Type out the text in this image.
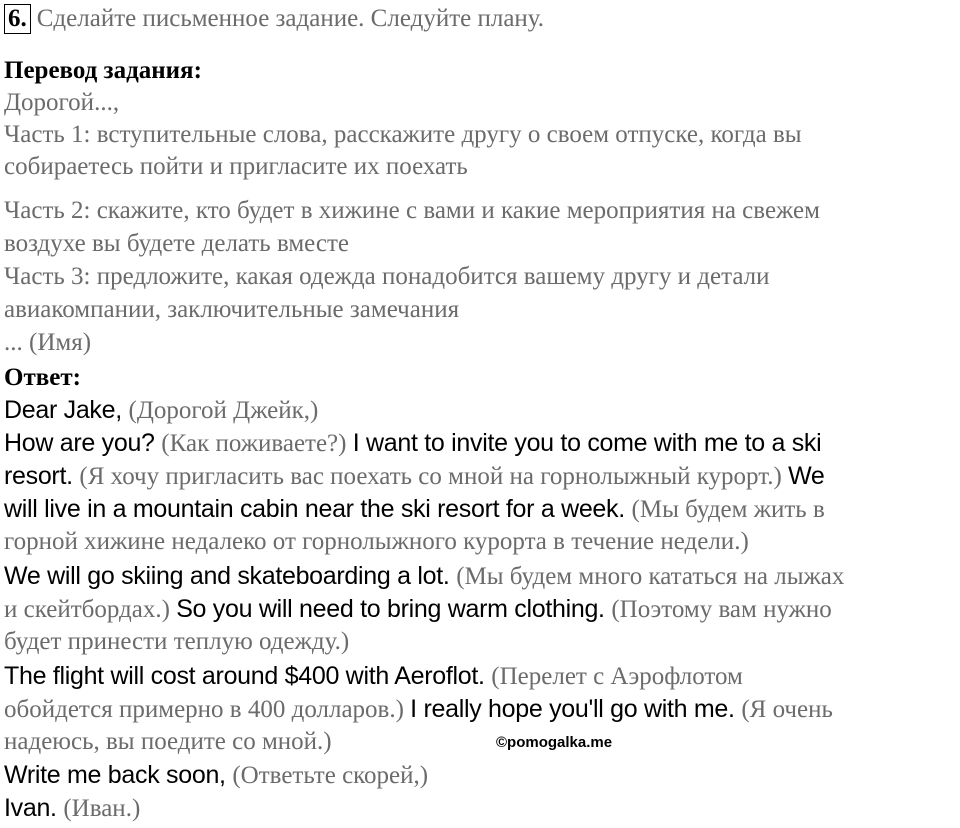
6. Сделайте письменное задание. Следуйте плану.
Перевод задания:
Дорогой...,
Часть 1: вступительные слова, расскажите другу о своем отпуске, когда вы
собираетесь пойти и пригласите их поехать
Часть 2: скажите, кто будет в хижине с вами и какие мероприятия на свежем
воздухе вы будете делать вместе
Часть 3: предложите, какая одежда понадобится вашему другу и детали
авиакомпании, заключительные замечания
... (Имя)
Ответ:
Dear Jake, (Дорогой Джейк,)
How are you? (Как поживаете?) I want to invite you to come with me to a ski
resort. (Я хочу пригласить вас поехать со мной на горнолыжный курорт.) We
will live in a mountain cabin near the ski resort for a week. (Мы будем жить в
горной хижине недалеко от горнолыжного курорта в течение недели.)
We will go skiing and skateboarding a lot. (Мы будем много кататься на лыжах
и скейтбордах.) So you will need to bring warm clothing. (Поэтому вам нужно
будет принести теплую одежду.)
The flight will cost around $400 with Aeroflot. (Перелет с Аэрофлотом
обойдется примерно в 400 долларов.) I really hope you'll go with me. (Я очень
надеюсь, вы поедите со мной.)
Write me back soon, (Ответьте скорей,)
Ivan. (Иван.)
©pomogalka.me
